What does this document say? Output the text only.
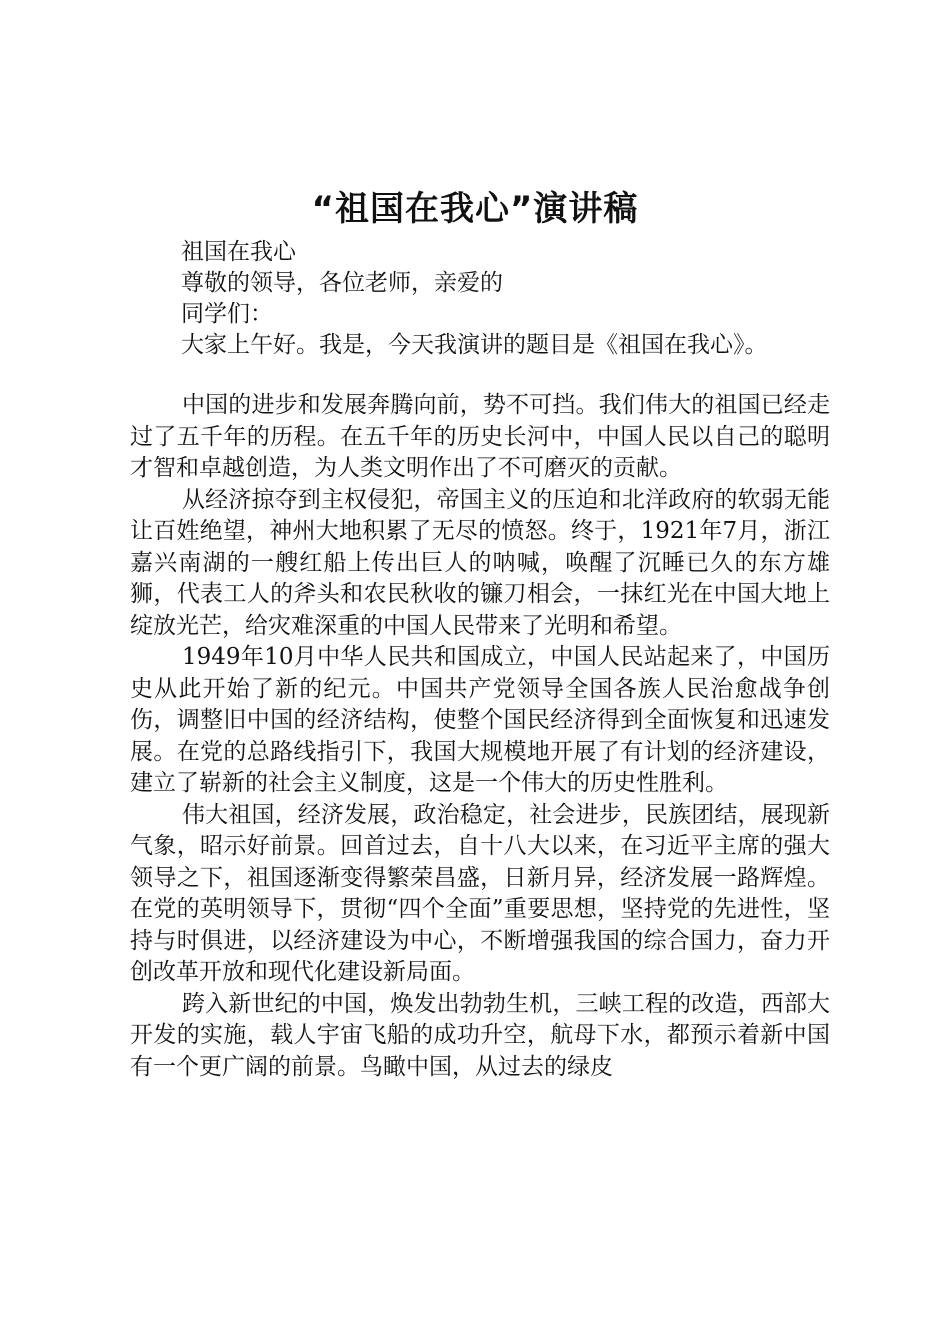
“祖国在我心”演讲稿
祖国在我心
尊敬的领导，各位老师，亲爱的
同学们：
大家上午好。我是，今天我演讲的题目是《祖国在我心》。

中国的进步和发展奔腾向前，势不可挡。我们伟大的祖国已经走过了五千年的历程。在五千年的历史长河中，中国人民以自己的聪明才智和卓越创造，为人类文明作出了不可磨灭的贡献。

从经济掠夺到主权侵犯，帝国主义的压迫和北洋政府的软弱无能让百姓绝望，神州大地积累了无尽的愤怒。终于，1921年7月，浙江嘉兴南湖的一艘红船上传出巨人的呐喊，唤醒了沉睡已久的东方雄狮，代表工人的斧头和农民秋收的镰刀相会，一抹红光在中国大地上绽放光芒，给灾难深重的中国人民带来了光明和希望。

1949年10月中华人民共和国成立，中国人民站起来了，中国历史从此开始了新的纪元。中国共产党领导全国各族人民治愈战争创伤，调整旧中国的经济结构，使整个国民经济得到全面恢复和迅速发展。在党的总路线指引下，我国大规模地开展了有计划的经济建设，建立了崭新的社会主义制度，这是一个伟大的历史性胜利。

伟大祖国，经济发展，政治稳定，社会进步，民族团结，展现新气象，昭示好前景。回首过去，自十八大以来，在习近平主席的强大领导之下，祖国逐渐变得繁荣昌盛，日新月异，经济发展一路辉煌。在党的英明领导下，贯彻“四个全面”重要思想，坚持党的先进性，坚持与时俱进，以经济建设为中心，不断增强我国的综合国力，奋力开创改革开放和现代化建设新局面。

跨入新世纪的中国，焕发出勃勃生机，三峡工程的改造，西部大开发的实施，载人宇宙飞船的成功升空，航母下水，都预示着新中国有一个更广阔的前景。鸟瞰中国，从过去的绿皮
